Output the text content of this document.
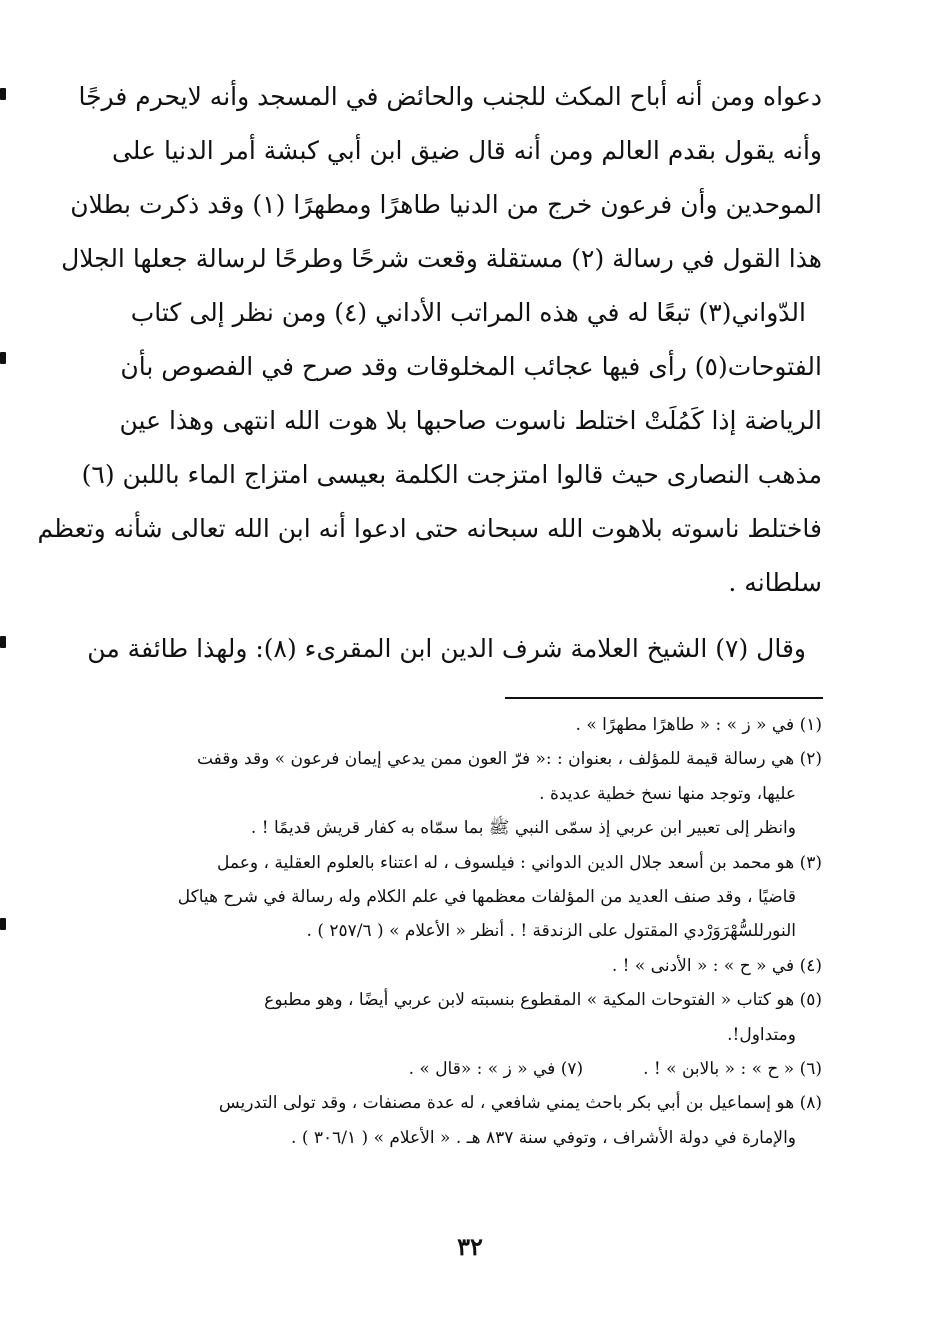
دعواه ومن أنه أباح المكث للجنب والحائض في المسجد وأنه لايحرم فرجًا
وأنه يقول بقدم العالم ومن أنه قال ضيق ابن أبي كبشة أمر الدنيا على
الموحدين وأن فرعون خرج من الدنيا طاهرًا ومطهرًا (١) وقد ذكرت بطلان
هذا القول في رسالة (٢) مستقلة وقعت شرحًا وطرحًا لرسالة جعلها الجلال
الدّواني(٣) تبعًا له في هذه المراتب الأداني (٤) ومن نظر إلى كتاب
الفتوحات(٥) رأى فيها عجائب المخلوقات وقد صرح في الفصوص بأن
الرياضة إذا كَمُلَتْ اختلط ناسوت صاحبها بلا هوت الله انتهى وهذا عين
مذهب النصارى حيث قالوا امتزجت الكلمة بعيسى امتزاج الماء باللبن (٦)
فاختلط ناسوته بلاهوت الله سبحانه حتى ادعوا أنه ابن الله تعالى شأنه وتعظم
سلطانه .
وقال (٧) الشيخ العلامة شرف الدين ابن المقرىء (٨): ولهذا طائفة من
(١) في « ز » : « طاهرًا مطهرًا » .
(٢) هي رسالة قيمة للمؤلف ، بعنوان : :« فرّ العون ممن يدعي إيمان فرعون » وقد وقفت
عليها، وتوجد منها نسخ خطية عديدة .
وانظر إلى تعبير ابن عربي إذ سمّى النبي ﷺ بما سمّاه به كفار قريش قديمًا ! .
(٣) هو محمد بن أسعد جلال الدين الدواني : فيلسوف ، له اعتناء بالعلوم العقلية ، وعمل
قاضيًا ، وقد صنف العديد من المؤلفات معظمها في علم الكلام وله رسالة في شرح هياكل
النورللسُّهْرَوَرْدي المقتول على الزندقة ! . أنظر « الأعلام » ( ٢٥٧/٦ ) .
(٤) في « ح » : « الأدنى » ! .
(٥) هو كتاب « الفتوحات المكية » المقطوع بنسبته لابن عربي أيضًا ، وهو مطبوع
ومتداول!.
(٦) « ح » : « بالابن » ! .
(٧) في « ز » : «قال » .
(٨) هو إسماعيل بن أبي بكر باحث يمني شافعي ، له عدة مصنفات ، وقد تولى التدريس
والإمارة في دولة الأشراف ، وتوفي سنة ٨٣٧ هـ . « الأعلام » ( ٣٠٦/١ ) .
٣٢
